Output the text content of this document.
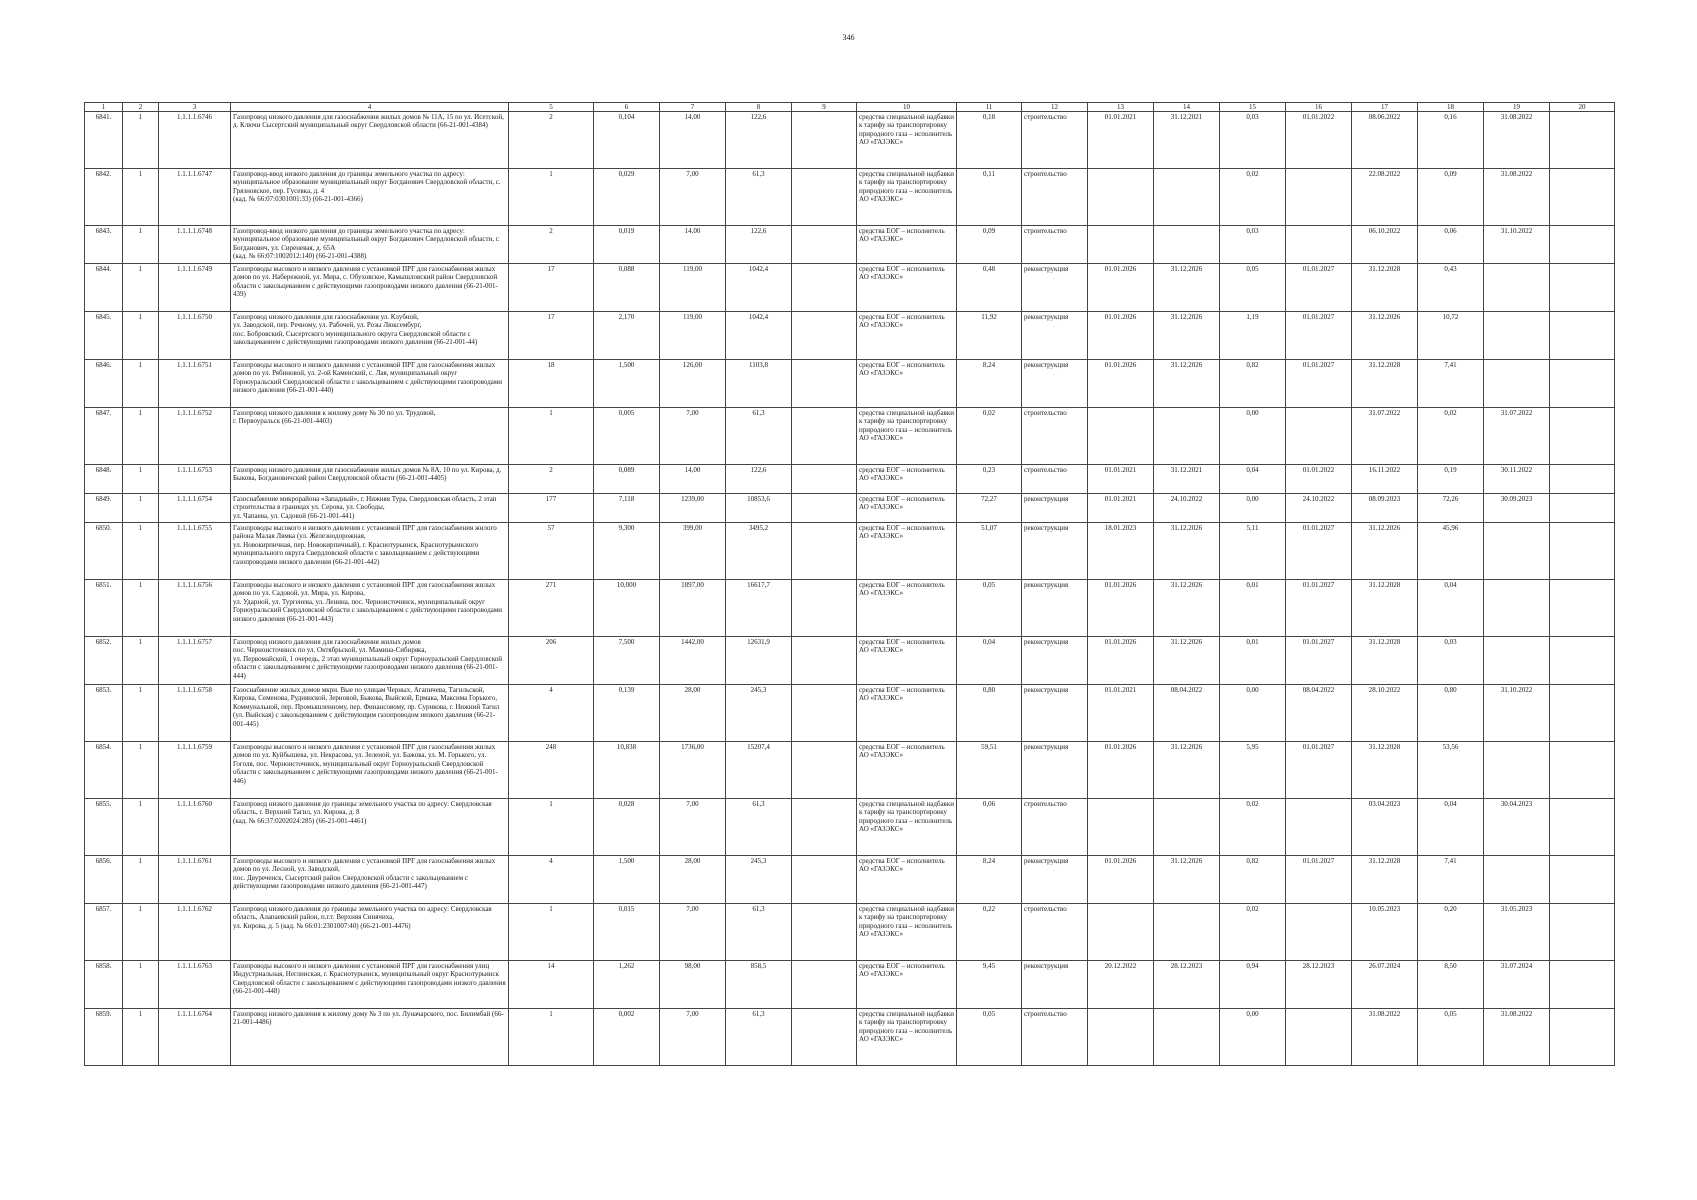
346
1	2	3	4	5	6	7	8	9	10	11	12	13	14	15	16	17	18	19	20
6841.	1	1.1.1.1.6746	Газопровод низкого давления для газоснабжения жилых домов № 11А, 15 по ул. Исетской, д. Ключи Сысертский муниципальный округ Свердловской области (66-21-001-4384)	2	0,104	14,00	122,6		средства специальной надбавки к тарифу на транспортировку природного газа – исполнитель АО «ГАЗЭКС»	0,18	строительство	01.01.2021	31.12.2021	0,03	01.01.2022	08.06.2022	0,16	31.08.2022	
6842.	1	1.1.1.1.6747	Газопровод-ввод низкого давления до границы земельного участка по адресу: муниципальное образование муниципальный округ Богданович Свердловской области, с. Грязновское, пер. Гусевка, д. 4
(кад. № 66:07:0301001:33) (66-21-001-4366)	1	0,029	7,00	61,3		средства специальной надбавки к тарифу на транспортировку природного газа – исполнитель АО «ГАЗЭКС»	0,11	строительство			0,02		22.08.2022	0,09	31.08.2022	
6843.	1	1.1.1.1.6748	Газопровод-ввод низкого давления до границы земельного участка по адресу: муниципальное образование муниципальный округ Богданович Свердловской области, г. Богданович, ул. Сиреневая, д. 65А
(кад. № 66:07:1002012:140) (66-21-001-4388)	2	0,019	14,00	122,6		средства ЕОГ – исполнитель АО «ГАЗЭКС»	0,09	строительство			0,03		06.10.2022	0,06	31.10.2022	
6844.	1	1.1.1.1.6749	Газопроводы высокого и низкого давления с установкой ПРГ для газоснабжения жилых домов по ул. Набережной, ул. Мира, с. Обуховское, Камышловский район Свердловской области с закольцеванием с действующими газопроводами низкого давления (66-21-001-439)	17	0,088	119,00	1042,4		средства ЕОГ – исполнитель АО «ГАЗЭКС»	0,48	реконструкция	01.01.2026	31.12.2026	0,05	01.01.2027	31.12.2028	0,43		
6845.	1	1.1.1.1.6750	Газопровод низкого давления для газоснабжения ул. Клубной,
ул. Заводской, пер. Речному, ул. Рабочей, ул. Розы Люксембург,
пос. Бобровский, Сысертского муниципального округа Свердловской области с закольцеванием с действующими газопроводами низкого давления (66-21-001-44)	17	2,170	119,00	1042,4		средства ЕОГ – исполнитель АО «ГАЗЭКС»	11,92	реконструкция	01.01.2026	31.12.2026	1,19	01.01.2027	31.12.2026	10,72		
6846.	1	1.1.1.1.6751	Газопроводы высокого и низкого давления с установкой ПРГ для газоснабжения жилых домов по ул. Рябиновой, ул. 2-ой Каменский, с. Лая, муниципальный округ Горноуральский Свердловской области с закольцеванием с действующими газопроводами низкого давления (66-21-001-440)	18	1,500	126,00	1103,8		средства ЕОГ – исполнитель АО «ГАЗЭКС»	8,24	реконструкция	01.01.2026	31.12.2026	0,82	01.01.2027	31.12.2028	7,41		
6847.	1	1.1.1.1.6752	Газопровод низкого давления к жилому дому № 30 по ул. Трудовой,
г. Первоуральск (66-21-001-4403)	1	0,005	7,00	61,3		средства специальной надбавки к тарифу на транспортировку природного газа – исполнитель АО «ГАЗЭКС»	0,02	строительство			0,00		31.07.2022	0,02	31.07.2022	
6848.	1	1.1.1.1.6753	Газопровод низкого давления для газоснабжения жилых домов № 8А, 10 по ул. Кирова, д. Быкова, Богдановичский район Свердловской области (66-21-001-4405)	2	0,089	14,00	122,6		средства ЕОГ – исполнитель АО «ГАЗЭКС»	0,23	строительство	01.01.2021	31.12.2021	0,04	01.01.2022	16.11.2022	0,19	30.11.2022	
6849.	1	1.1.1.1.6754	Газоснабжение микрорайона «Западный», г. Нижняя Тура, Свердловская область, 2 этап строительства в границах ул. Серова, ул. Свободы,
ул. Чапаева, ул. Садовой (66-21-001-441)	177	7,118	1239,00	10853,6		средства ЕОГ – исполнитель АО «ГАЗЭКС»	72,27	реконструкция	01.01.2021	24.10.2022	0,00	24.10.2022	08.09.2023	72,26	30.09.2023	
6850.	1	1.1.1.1.6755	Газопроводы высокого и низкого давления с установкой ПРГ для газоснабжения жилого района Малая Лямка (ул. Железнодорожная,
ул. Новокирпичная, пер. Новокирпичный), г. Краснотурьинск, Краснотурьинского муниципального округа Свердловской области с закольцеванием с действующими газопроводами низкого давления (66-21-001-442)	57	9,300	399,00	3495,2		средства ЕОГ – исполнитель АО «ГАЗЭКС»	51,07	реконструкция	18.01.2023	31.12.2026	5,11	01.01.2027	31.12.2026	45,96		
6851.	1	1.1.1.1.6756	Газопроводы высокого и низкого давления с установкой ПРГ для газоснабжения жилых домов по ул. Садовой, ул. Мира, ул. Кирова,
ул. Ударной, ул. Тургенева, ул. Ленина, пос. Черноисточинск, муниципальный округ Горноуральский Свердловской области с закольцеванием с действующими газопроводами низкого давления (66-21-001-443)	271	10,000	1897,00	16617,7		средства ЕОГ – исполнитель АО «ГАЗЭКС»	0,05	реконструкция	01.01.2026	31.12.2026	0,01	01.01.2027	31.12.2028	0,04		
6852.	1	1.1.1.1.6757	Газопровод низкого давления для газоснабжения жилых домов
пос. Черноисточинск по ул. Октябрьской, ул. Мамина-Сибиряка,
ул. Первомайской, 1 очередь, 2 этап муниципальный округ Горноуральский Свердловской области с закольцеванием с действующими газопроводами низкого давления (66-21-001-444)	206	7,500	1442,00	12631,9		средства ЕОГ – исполнитель АО «ГАЗЭКС»	0,04	реконструкция	01.01.2026	31.12.2026	0,01	01.01.2027	31.12.2028	0,03		
6853.	1	1.1.1.1.6758	Газоснабжение жилых домов мкрн. Вые по улицам Черных, Агапичева, Тагильской, Кирова, Семенова, Руднянской, Зерновой, Быкова, Выйской, Ермака, Максима Горького, Коммунальной, пер. Промышленному, пер. Финансовому, пр. Сурикова, г. Нижний Тагил (ул. Выйская) с закольцеванием с действующим газопроводом низкого давления (66-21-001-445)	4	0,139	28,00	245,3		средства ЕОГ – исполнитель АО «ГАЗЭКС»	0,80	реконструкция	01.01.2021	08.04.2022	0,00	08.04.2022	28.10.2022	0,80	31.10.2022	
6854.	1	1.1.1.1.6759	Газопроводы высокого и низкого давления с установкой ПРГ для газоснабжения жилых домов по ул. Куйбышева, ул. Некрасова, ул. Зеленой, ул. Бажова, ул. М. Горького, ул. Гоголя, пос. Черноисточинск, муниципальный округ Горноуральский Свердловской области с закольцеванием с действующими газопроводами низкого давления (66-21-001-446)	248	10,838	1736,00	15207,4		средства ЕОГ – исполнитель АО «ГАЗЭКС»	59,51	реконструкция	01.01.2026	31.12.2026	5,95	01.01.2027	31.12.2028	53,56		
6855.	1	1.1.1.1.6760	Газопровод низкого давления до границы земельного участка по адресу: Свердловская область, г. Верхний Тагил, ул. Кирова, д. 8
(кад. № 66:37:0202024:285) (66-21-001-4461)	1	0,028	7,00	61,3		средства специальной надбавки к тарифу на транспортировку природного газа – исполнитель АО «ГАЗЭКС»	0,06	строительство			0,02		03.04.2023	0,04	30.04.2023	
6856.	1	1.1.1.1.6761	Газопроводы высокого и низкого давления с установкой ПРГ для газоснабжения жилых домов по ул. Лесной, ул. Заводской,
пос. Двуреченск, Сысертский район Свердловской области с закольцеванием с действующими газопроводами низкого давления (66-21-001-447)	4	1,500	28,00	245,3		средства ЕОГ – исполнитель АО «ГАЗЭКС»	8,24	реконструкция	01.01.2026	31.12.2026	0,82	01.01.2027	31.12.2028	7,41		
6857.	1	1.1.1.1.6762	Газопровод низкого давления до границы земельного участка по адресу: Свердловская область, Алапаевский район, п.г.т. Верхняя Синячиха,
ул. Кирова, д. 5 (кад. № 66:01:2301007:40) (66-21-001-4476)	1	0,015	7,00	61,3		средства специальной надбавки к тарифу на транспортировку природного газа – исполнитель АО «ГАЗЭКС»	0,22	строительство			0,02		10.05.2023	0,20	31.05.2023	
6858.	1	1.1.1.1.6763	Газопроводы высокого и низкого давления с установкой ПРГ для газоснабжения улиц Индустриальная, Неглинская, г. Краснотурьинск, муниципальный округ Краснотурьинск Свердловской области с закольцеванием с действующими газопроводами низкого давления (66-21-001-448)	14	1,262	98,00	858,5		средства ЕОГ – исполнитель АО «ГАЗЭКС»	9,45	реконструкция	20.12.2022	28.12.2023	0,94	28.12.2023	26.07.2024	8,50	31.07.2024	
6859.	1	1.1.1.1.6764	Газопровод низкого давления к жилому дому № 3 по ул. Луначарского, пос. Билимбай (66-21-001-4486)	1	0,002	7,00	61,3		средства специальной надбавки к тарифу на транспортировку природного газа – исполнитель АО «ГАЗЭКС»	0,05	строительство			0,00		31.08.2022	0,05	31.08.2022	
